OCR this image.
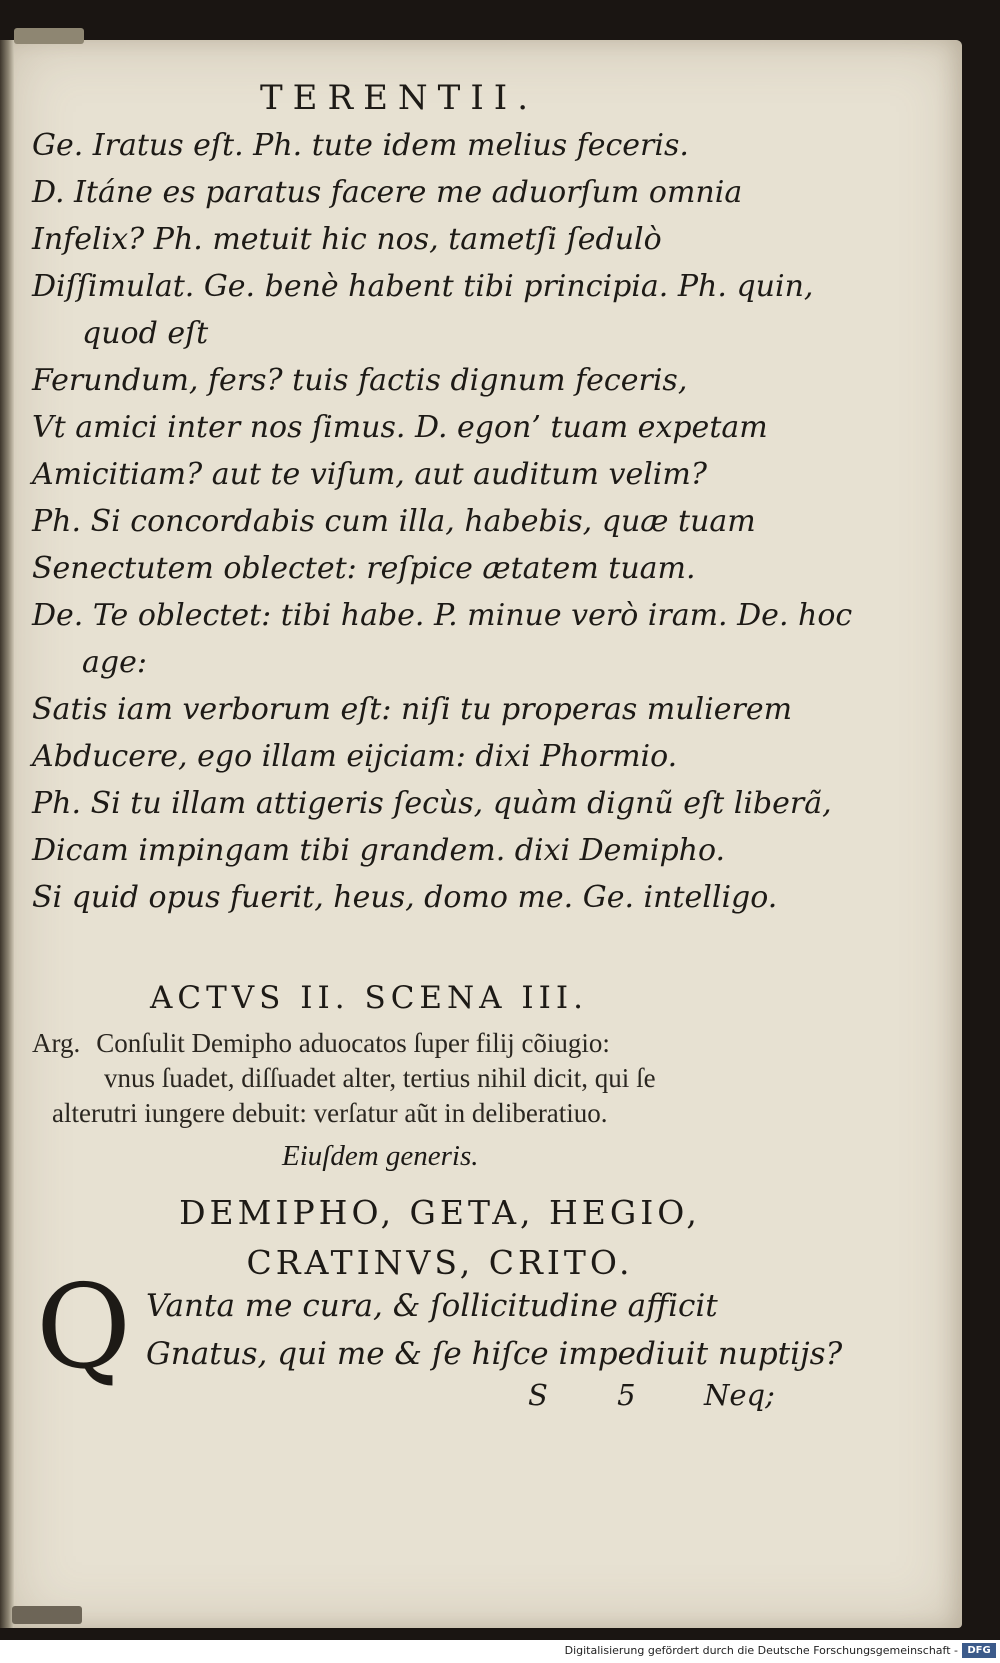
TERENTII.
Ge. Iratus eſt. Ph. tute idem melius feceris.
D. Itáne es paratus facere me aduorſum omnia
Infelix? Ph. metuit hic nos, tametſi ſedulò
Diſſimulat. Ge. benè habent tibi principia. Ph. quin,
quod eſt
Ferundum, fers? tuis factis dignum feceris,
Vt amici inter nos ſimus. D. egon’ tuam expetam
Amicitiam? aut te viſum, aut auditum velim?
Ph. Si concordabis cum illa, habebis, quæ tuam
Senectutem oblectet: reſpice ætatem tuam.
De. Te oblectet: tibi habe. P. minue verò iram. De. hoc
age:
Satis iam verborum eſt: niſi tu properas mulierem
Abducere, ego illam eijciam: dixi Phormio.
Ph. Si tu illam attigeris ſecùs, quàm dignũ eſt liberã,
Dicam impingam tibi grandem. dixi Demipho.
Si quid opus fuerit, heus, domo me. Ge. intelligo.
ACTVS II. SCENA III.
Arg. Conſulit Demipho aduocatos ſuper filij cõiugio:
vnus ſuadet, diſſuadet alter, tertius nihil dicit, qui ſe
alterutri iungere debuit: verſatur aũt in deliberatiuo.
Eiuſdem generis.
DEMIPHO, GETA, HEGIO,
CRATINVS, CRITO.
Q Vanta me cura, & ſollicitudine afficit
Gnatus, qui me & ſe hiſce impediuit nuptijs?
S 5 Neq;
Digitalisierung gefördert durch die Deutsche Forschungsgemeinschaft - DFG
